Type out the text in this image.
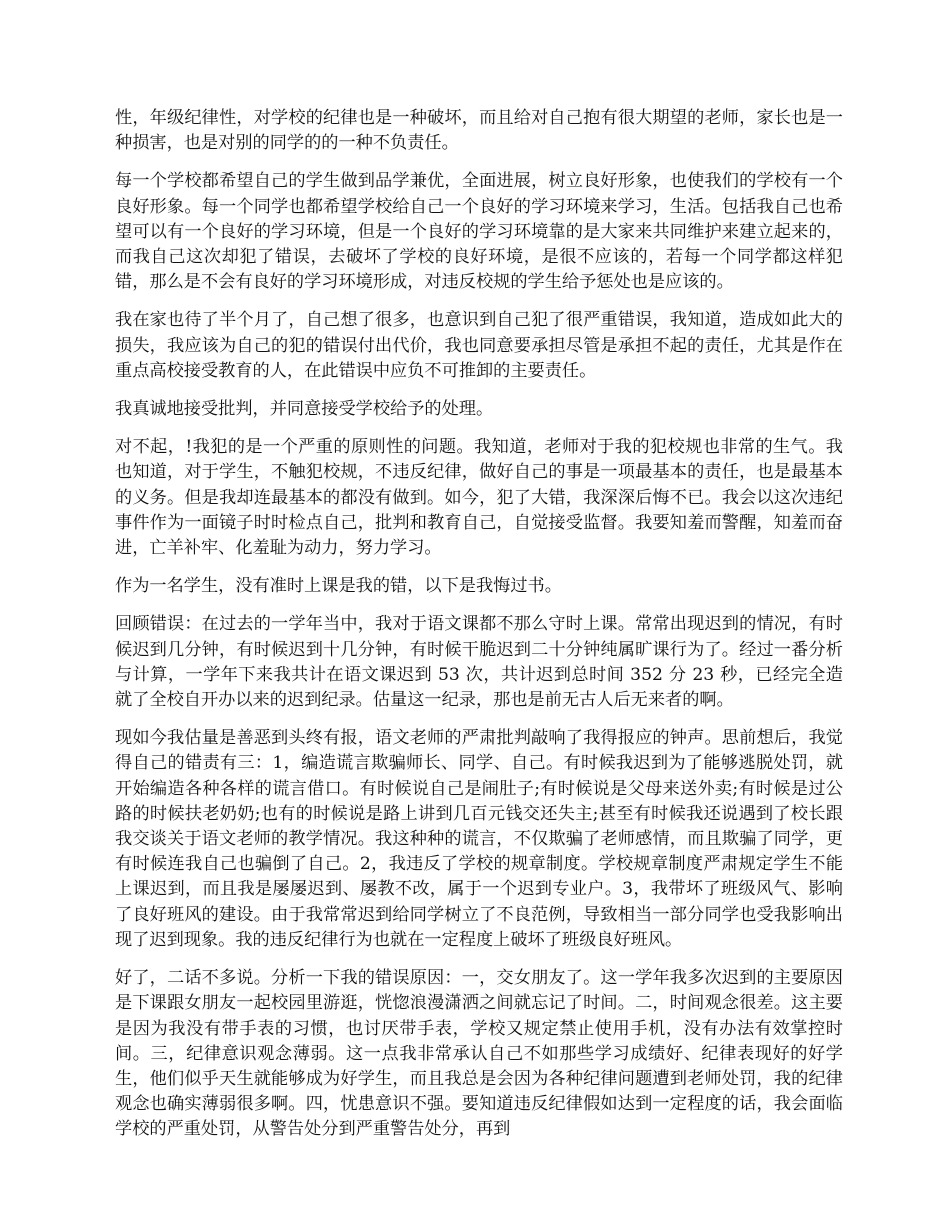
性，年级纪律性，对学校的纪律也是一种破坏，而且给对自己抱有很大期望的老师，家长也是一种损害，也是对别的同学的的一种不负责任。

每一个学校都希望自己的学生做到品学兼优，全面进展，树立良好形象，也使我们的学校有一个良好形象。每一个同学也都希望学校给自己一个良好的学习环境来学习，生活。包括我自己也希望可以有一个良好的学习环境，但是一个良好的学习环境靠的是大家来共同维护来建立起来的，而我自己这次却犯了错误，去破坏了学校的良好环境，是很不应该的，若每一个同学都这样犯错，那么是不会有良好的学习环境形成，对违反校规的学生给予惩处也是应该的。

我在家也待了半个月了，自己想了很多，也意识到自己犯了很严重错误，我知道，造成如此大的损失，我应该为自己的犯的错误付出代价，我也同意要承担尽管是承担不起的责任，尤其是作在重点高校接受教育的人，在此错误中应负不可推卸的主要责任。

我真诚地接受批判，并同意接受学校给予的处理。

对不起，!我犯的是一个严重的原则性的问题。我知道，老师对于我的犯校规也非常的生气。我也知道，对于学生，不触犯校规，不违反纪律，做好自己的事是一项最基本的责任，也是最基本的义务。但是我却连最基本的都没有做到。如今，犯了大错，我深深后悔不已。我会以这次违纪事件作为一面镜子时时检点自己，批判和教育自己，自觉接受监督。我要知羞而警醒，知羞而奋进，亡羊补牢、化羞耻为动力，努力学习。

作为一名学生，没有准时上课是我的错，以下是我悔过书。

回顾错误：在过去的一学年当中，我对于语文课都不那么守时上课。常常出现迟到的情况，有时候迟到几分钟，有时候迟到十几分钟，有时候干脆迟到二十分钟纯属旷课行为了。经过一番分析与计算，一学年下来我共计在语文课迟到 53 次，共计迟到总时间 352 分 23 秒，已经完全造就了全校自开办以来的迟到纪录。估量这一纪录，那也是前无古人后无来者的啊。

现如今我估量是善恶到头终有报，语文老师的严肃批判敲响了我得报应的钟声。思前想后，我觉得自己的错责有三：1，编造谎言欺骗师长、同学、自己。有时候我迟到为了能够逃脱处罚，就开始编造各种各样的谎言借口。有时候说自己是闹肚子;有时候说是父母来送外卖;有时候是过公路的时候扶老奶奶;也有的时候说是路上讲到几百元钱交还失主;甚至有时候我还说遇到了校长跟我交谈关于语文老师的教学情况。我这种种的谎言，不仅欺骗了老师感情，而且欺骗了同学，更有时候连我自己也骗倒了自己。2，我违反了学校的规章制度。学校规章制度严肃规定学生不能上课迟到，而且我是屡屡迟到、屡教不改，属于一个迟到专业户。3，我带坏了班级风气、影响了良好班风的建设。由于我常常迟到给同学树立了不良范例，导致相当一部分同学也受我影响出现了迟到现象。我的违反纪律行为也就在一定程度上破坏了班级良好班风。

好了，二话不多说。分析一下我的错误原因：一，交女朋友了。这一学年我多次迟到的主要原因是下课跟女朋友一起校园里游逛，恍惚浪漫潇洒之间就忘记了时间。二，时间观念很差。这主要是因为我没有带手表的习惯，也讨厌带手表，学校又规定禁止使用手机，没有办法有效掌控时间。三，纪律意识观念薄弱。这一点我非常承认自己不如那些学习成绩好、纪律表现好的好学生，他们似乎天生就能够成为好学生，而且我总是会因为各种纪律问题遭到老师处罚，我的纪律观念也确实薄弱很多啊。四，忧患意识不强。要知道违反纪律假如达到一定程度的话，我会面临学校的严重处罚，从警告处分到严重警告处分，再到
